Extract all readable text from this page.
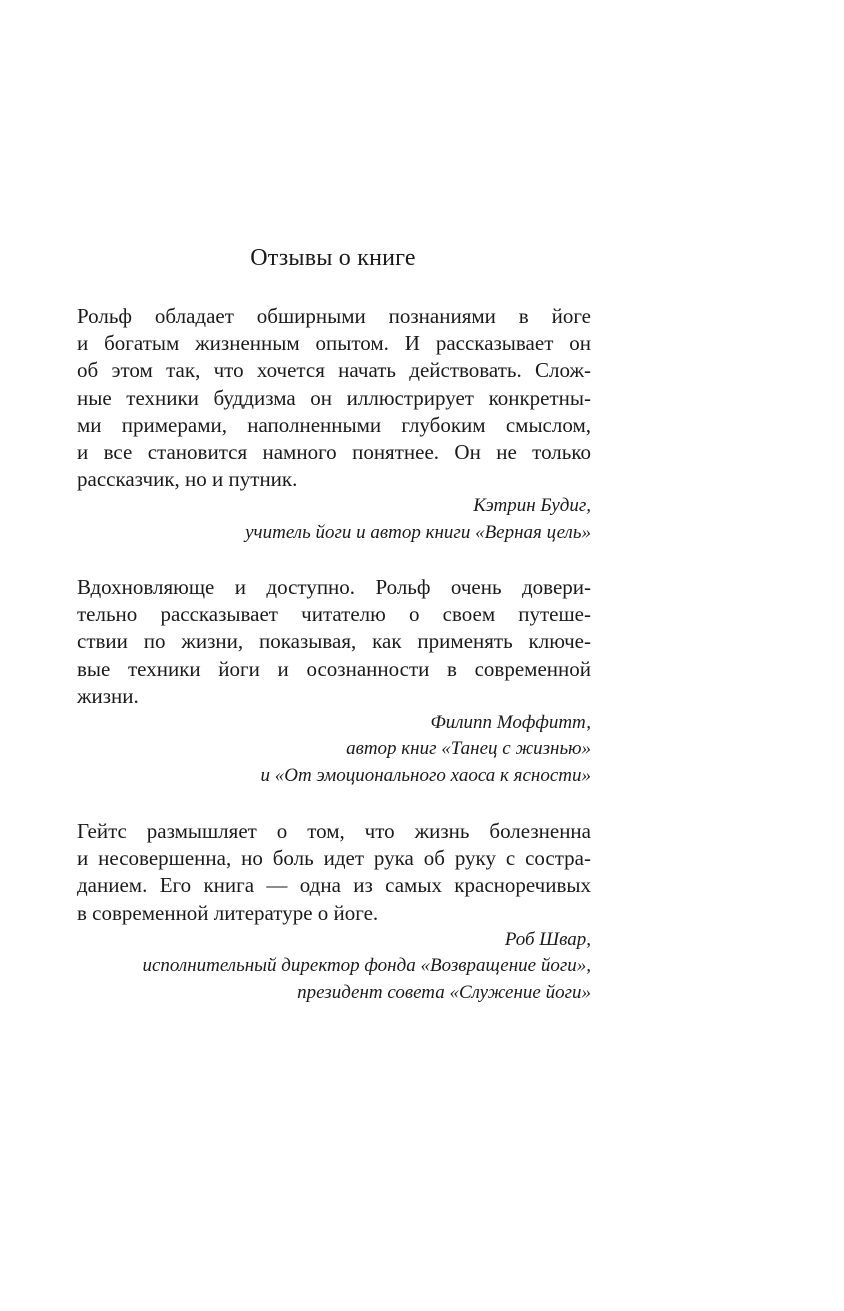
Отзывы о книге
Рольф обладает обширными познаниями в йоге
и богатым жизненным опытом. И рассказывает он
об этом так, что хочется начать действовать. Слож-
ные техники буддизма он иллюстрирует конкретны-
ми примерами, наполненными глубоким смыслом,
и все становится намного понятнее. Он не только
рассказчик, но и путник.
Кэтрин Будиг,
учитель йоги и автор книги «Верная цель»
Вдохновляюще и доступно. Рольф очень довери-
тельно рассказывает читателю о своем путеше-
ствии по жизни, показывая, как применять ключе-
вые техники йоги и осознанности в современной
жизни.
Филипп Моффитт,
автор книг «Танец с жизнью»
и «От эмоционального хаоса к ясности»
Гейтс размышляет о том, что жизнь болезненна
и несовершенна, но боль идет рука об руку с состра-
данием. Его книга — одна из самых красноречивых
в современной литературе о йоге.
Роб Швар,
исполнительный директор фонда «Возвращение йоги»,
президент совета «Служение йоги»
